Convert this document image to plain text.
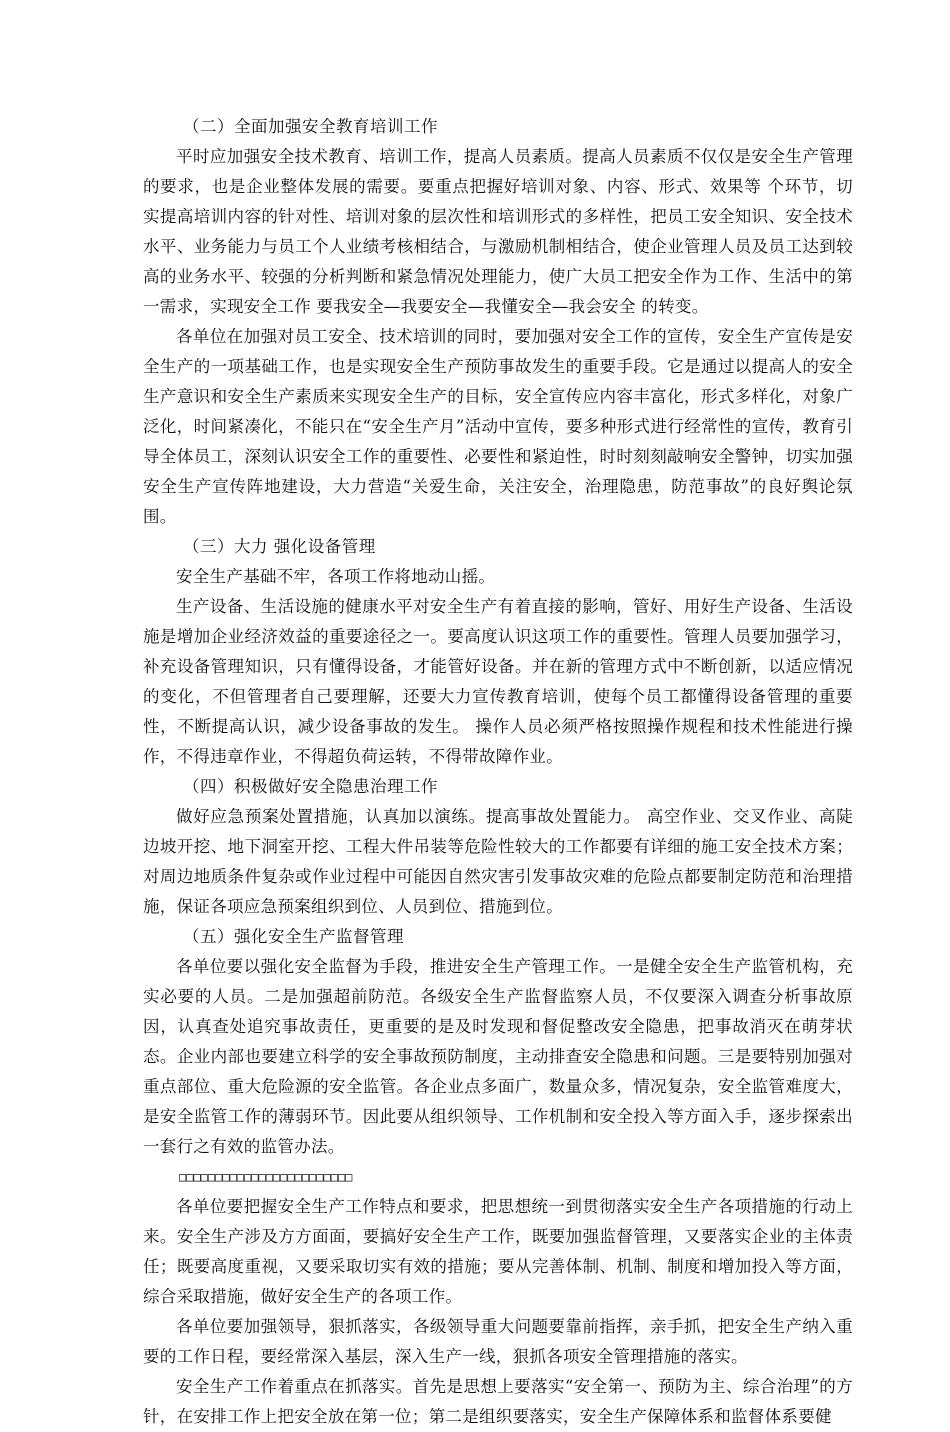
（二）全面加强安全教育培训工作

平时应加强安全技术教育、培训工作，提高人员素质。提高人员素质不仅仅是安全生产管理的要求，也是企业整体发展的需要。要重点把握好培训对象、内容、形式、效果等 个环节，切实提高培训内容的针对性、培训对象的层次性和培训形式的多样性，把员工安全知识、安全技术水平、业务能力与员工个人业绩考核相结合，与激励机制相结合，使企业管理人员及员工达到较高的业务水平、较强的分析判断和紧急情况处理能力，使广大员工把安全作为工作、生活中的第一需求，实现安全工作 要我安全—我要安全—我懂安全—我会安全 的转变。

各单位在加强对员工安全、技术培训的同时，要加强对安全工作的宣传，安全生产宣传是安全生产的一项基础工作，也是实现安全生产预防事故发生的重要手段。它是通过以提高人的安全生产意识和安全生产素质来实现安全生产的目标，安全宣传应内容丰富化，形式多样化，对象广泛化，时间紧凑化，不能只在“安全生产月”活动中宣传，要多种形式进行经常性的宣传，教育引导全体员工，深刻认识安全工作的重要性、必要性和紧迫性，时时刻刻敲响安全警钟，切实加强安全生产宣传阵地建设，大力营造“关爱生命，关注安全，治理隐患，防范事故”的良好舆论氛围。

（三）大力 强化设备管理

安全生产基础不牢，各项工作将地动山摇。

生产设备、生活设施的健康水平对安全生产有着直接的影响，管好、用好生产设备、生活设施是增加企业经济效益的重要途径之一。要高度认识这项工作的重要性。管理人员要加强学习，补充设备管理知识，只有懂得设备，才能管好设备。并在新的管理方式中不断创新，以适应情况的变化，不但管理者自己要理解，还要大力宣传教育培训，使每个员工都懂得设备管理的重要性，不断提高认识，减少设备事故的发生。 操作人员必须严格按照操作规程和技术性能进行操作，不得违章作业，不得超负荷运转，不得带故障作业。

（四）积极做好安全隐患治理工作

做好应急预案处置措施，认真加以演练。提高事故处置能力。 高空作业、交叉作业、高陡边坡开挖、地下洞室开挖、工程大件吊装等危险性较大的工作都要有详细的施工安全技术方案；对周边地质条件复杂或作业过程中可能因自然灾害引发事故灾难的危险点都要制定防范和治理措施，保证各项应急预案组织到位、人员到位、措施到位。

（五）强化安全生产监督管理

各单位要以强化安全监督为手段，推进安全生产管理工作。一是健全安全生产监管机构，充实必要的人员。二是加强超前防范。各级安全生产监督监察人员，不仅要深入调查分析事故原因，认真查处追究事故责任，更重要的是及时发现和督促整改安全隐患，把事故消灭在萌芽状态。企业内部也要建立科学的安全事故预防制度，主动排查安全隐患和问题。三是要特别加强对重点部位、重大危险源的安全监管。各企业点多面广，数量众多，情况复杂，安全监管难度大，是安全监管工作的薄弱环节。因此要从组织领导、工作机制和安全投入等方面入手，逐步探索出一套行之有效的监管办法。

□□□□□□□□□□□□□□□□□□□□□□□□

各单位要把握安全生产工作特点和要求，把思想统一到贯彻落实安全生产各项措施的行动上来。安全生产涉及方方面面，要搞好安全生产工作，既要加强监督管理，又要落实企业的主体责任；既要高度重视，又要采取切实有效的措施；要从完善体制、机制、制度和增加投入等方面，综合采取措施，做好安全生产的各项工作。

各单位要加强领导，狠抓落实，各级领导重大问题要靠前指挥，亲手抓，把安全生产纳入重要的工作日程，要经常深入基层，深入生产一线，狠抓各项安全管理措施的落实。

安全生产工作着重点在抓落实。首先是思想上要落实“安全第一、预防为主、综合治理”的方针，在安排工作上把安全放在第一位；第二是组织要落实，安全生产保障体系和监督体系要健
